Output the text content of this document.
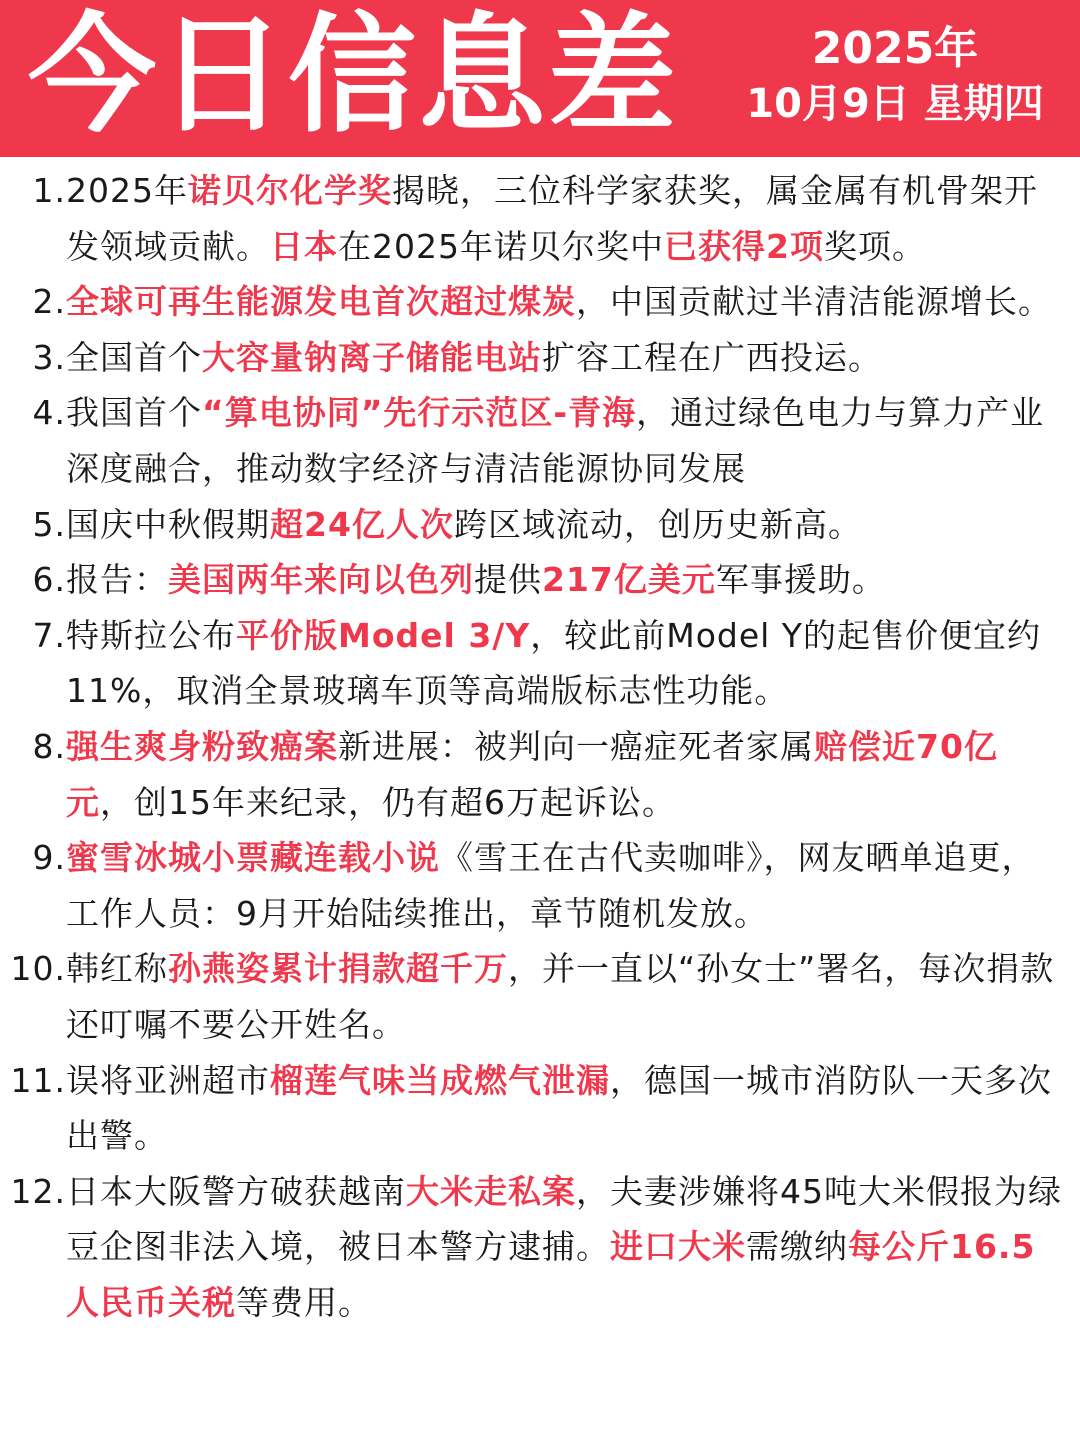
今日信息差	2025年
10月9日 星期四
1. 2025年诺贝尔化学奖揭晓，三位科学家获奖，属金属有机骨架开发领域贡献。日本在2025年诺贝尔奖中已获得2项奖项。
2. 全球可再生能源发电首次超过煤炭，中国贡献过半清洁能源增长。
3. 全国首个大容量钠离子储能电站扩容工程在广西投运。
4. 我国首个“算电协同”先行示范区-青海，通过绿色电力与算力产业深度融合，推动数字经济与清洁能源协同发展
5. 国庆中秋假期超24亿人次跨区域流动，创历史新高。
6. 报告：美国两年来向以色列提供217亿美元军事援助。
7. 特斯拉公布平价版Model 3/Y，较此前Model Y的起售价便宜约11%，取消全景玻璃车顶等高端版标志性功能。
8. 强生爽身粉致癌案新进展：被判向一癌症死者家属赔偿近70亿元，创15年来纪录，仍有超6万起诉讼。
9. 蜜雪冰城小票藏连载小说《雪王在古代卖咖啡》，网友晒单追更，工作人员：9月开始陆续推出，章节随机发放。
10. 韩红称孙燕姿累计捐款超千万，并一直以“孙女士”署名，每次捐款还叮嘱不要公开姓名。
11. 误将亚洲超市榴莲气味当成燃气泄漏，德国一城市消防队一天多次出警。
12. 日本大阪警方破获越南大米走私案，夫妻涉嫌将45吨大米假报为绿豆企图非法入境，被日本警方逮捕。进口大米需缴纳每公斤16.5人民币关税等费用。
